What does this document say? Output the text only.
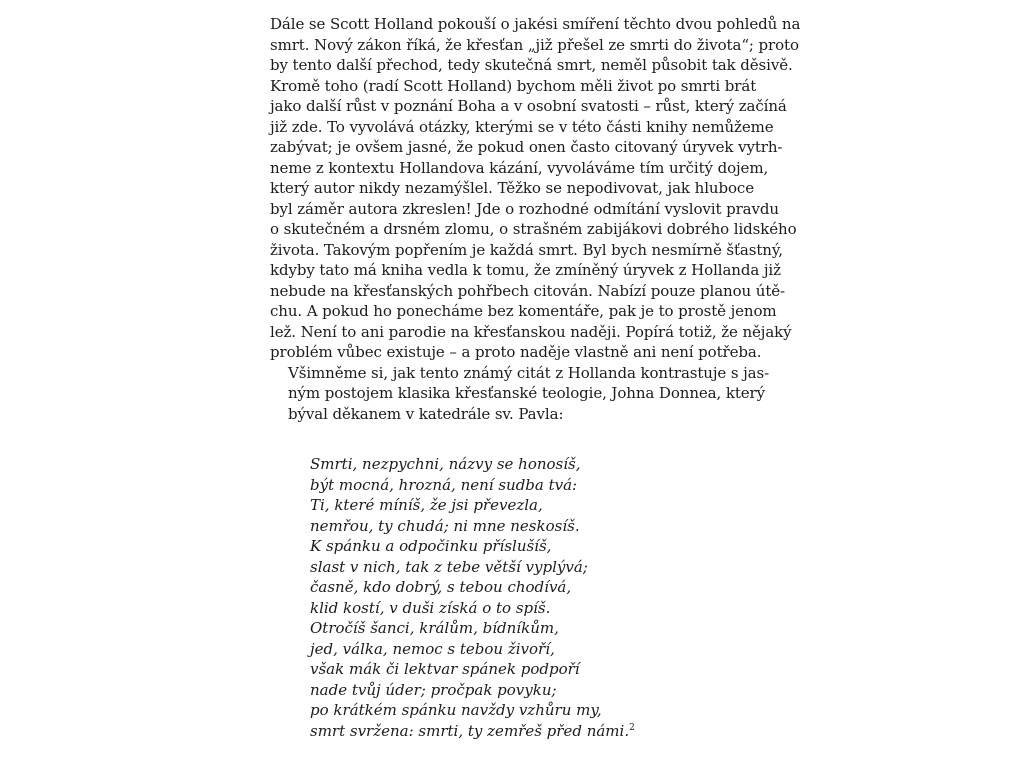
Dále se Scott Holland pokouší o jakési smíření těchto dvou pohledů na
smrt. Nový zákon říká, že křesťan „již přešel ze smrti do života“; proto
by tento další přechod, tedy skutečná smrt, neměl působit tak děsivě.
Kromě toho (radí Scott Holland) bychom měli život po smrti brát
jako další růst v poznání Boha a v osobní svatosti – růst, který začíná
již zde. To vyvolává otázky, kterými se v této části knihy nemůžeme
zabývat; je ovšem jasné, že pokud onen často citovaný úryvek vytrh-
neme z kontextu Hollandova kázání, vyvoláváme tím určitý dojem,
který autor nikdy nezamýšlel. Těžko se nepodivovat, jak hluboce
byl záměr autora zkreslen! Jde o rozhodné odmítání vyslovit pravdu
o skutečném a drsném zlomu, o strašném zabijákovi dobrého lidského
života. Takovým popřením je každá smrt. Byl bych nesmírně šťastný,
kdyby tato má kniha vedla k tomu, že zmíněný úryvek z Hollanda již
nebude na křesťanských pohřbech citován. Nabízí pouze planou útě-
chu. A pokud ho ponecháme bez komentáře, pak je to prostě jenom
lež. Není to ani parodie na křesťanskou naději. Popírá totiž, že nějaký
problém vůbec existuje – a proto naděje vlastně ani není potřeba.

Všimněme si, jak tento známý citát z Hollanda kontrastuje s jas-
ným postojem klasika křesťanské teologie, Johna Donnea, který
býval děkanem v katedrále sv. Pavla:

Smrti, nezpychni, názvy se honosíš,
být mocná, hrozná, není sudba tvá:
Ti, které míníš, že jsi převezla,
nemřou, ty chudá; ni mne neskosíš.
K spánku a odpočinku příslušíš,
slast v nich, tak z tebe větší vyplývá;
časně, kdo dobrý, s tebou chodívá,
klid kostí, v duši získá o to spíš.
Otročíš šanci, králům, bídníkům,
jed, válka, nemoc s tebou živoří,
však mák či lektvar spánek podpoří
nade tvůj úder; pročpak povyku;
po krátkém spánku navždy vzhůru my,
smrt svržena: smrti, ty zemřeš před námi.$^2$
